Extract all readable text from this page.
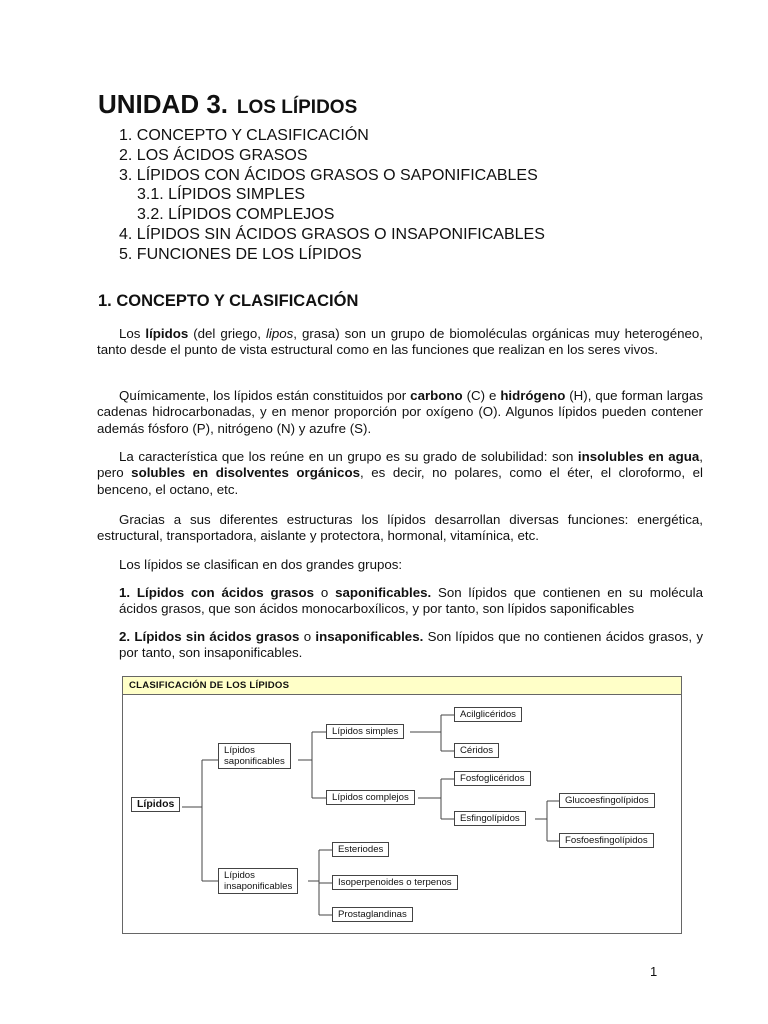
UNIDAD 3. LOS LÍPIDOS
1. CONCEPTO Y CLASIFICACIÓN
2. LOS ÁCIDOS GRASOS
3. LÍPIDOS CON ÁCIDOS GRASOS O SAPONIFICABLES
3.1. LÍPIDOS SIMPLES
3.2. LÍPIDOS COMPLEJOS
4. LÍPIDOS SIN ÁCIDOS GRASOS O INSAPONIFICABLES
5. FUNCIONES DE LOS LÍPIDOS
1. CONCEPTO Y CLASIFICACIÓN

Los lípidos (del griego, lipos, grasa) son un grupo de biomoléculas orgánicas muy heterogéneo, tanto desde el punto de vista estructural como en las funciones que realizan en los seres vivos.

Químicamente, los lípidos están constituidos por carbono (C) e hidrógeno (H), que forman largas cadenas hidrocarbonadas, y en menor proporción por oxígeno (O). Algunos lípidos pueden contener además fósforo (P), nitrógeno (N) y azufre (S).

La característica que los reúne en un grupo es su grado de solubilidad: son insolubles en agua, pero solubles en disolventes orgánicos, es decir, no polares, como el éter, el cloroformo, el benceno, el octano, etc.

Gracias a sus diferentes estructuras los lípidos desarrollan diversas funciones: energética, estructural, transportadora, aislante y protectora, hormonal, vitamínica, etc.

Los lípidos se clasifican en dos grandes grupos:

1. Lípidos con ácidos grasos o saponificables. Son lípidos que contienen en su molécula ácidos grasos, que son ácidos monocarboxílicos, y por tanto, son lípidos saponificables

2. Lípidos sin ácidos grasos o insaponificables. Son lípidos que no contienen ácidos grasos, y por tanto, son insaponificables.

CLASIFICACIÓN DE LOS LÍPIDOS
Lípidos
Lípidos
saponificables
Lípidos
insaponificables
Lípidos simples
Lípidos complejos
Acilglicéridos
Céridos
Fosfoglicéridos
Esfingolípidos
Glucoesfingolípidos
Fosfoesfingolípidos
Esteriodes
Isoperpenoides o terpenos
Prostaglandinas
1
